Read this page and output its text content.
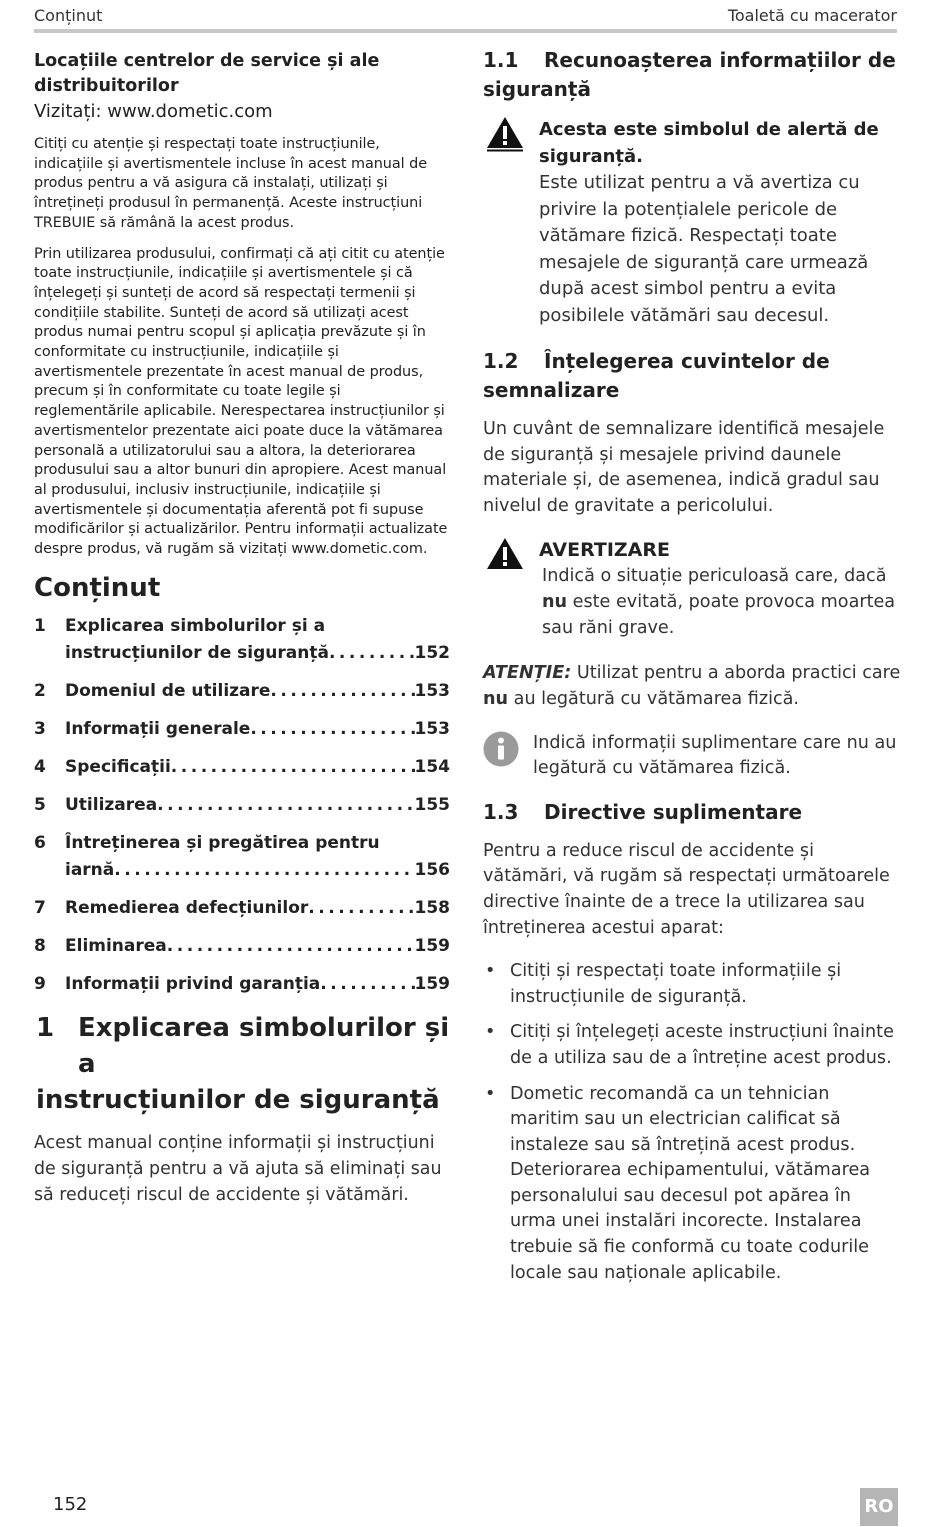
Conținut	Toaletă cu macerator
Locațiile centrelor de service și ale distribuitorilor
Vizitați: www.dometic.com

Citiți cu atenție și respectați toate instrucțiunile, indicațiile și avertismentele incluse în acest manual de produs pentru a vă asigura că instalați, utilizați și întrețineți produsul în permanență. Aceste instrucțiuni TREBUIE să rămână la acest produs.

Prin utilizarea produsului, confirmați că ați citit cu atenție toate instrucțiunile, indicațiile și avertismentele și că înțelegeți și sunteți de acord să respectați termenii și condițiile stabilite. Sunteți de acord să utilizați acest produs numai pentru scopul și aplicația prevăzute și în conformitate cu instrucțiunile, indicațiile și avertismentele prezentate în acest manual de produs, precum și în conformitate cu toate legile și reglementările aplicabile. Nerespectarea instrucțiunilor și avertismentelor prezentate aici poate duce la vătămarea personală a utilizatorului sau a altora, la deteriorarea produsului sau a altor bunuri din apropiere. Acest manual al produsului, inclusiv instrucțiunile, indicațiile și avertismentele și documentația aferentă pot fi supuse modificărilor și actualizărilor. Pentru informații actualizate despre produs, vă rugăm să vizitați www.dometic.com.

Conținut
1 Explicarea simbolurilor și a
instrucțiunilor de siguranță . . .	152
2 Domeniul de utilizare . . .	153
3 Informații generale . . .	153
4 Specificații . . .	154
5 Utilizarea . . .	155
6 Întreținerea și pregătirea pentru
iarnă . . .	156
7 Remedierea defecțiunilor . . .	158
8 Eliminarea . . .	159
9 Informații privind garanția . . .	159
1 Explicarea simbolurilor și a
instrucțiunilor de siguranță

Acest manual conține informații și instrucțiuni de siguranță pentru a vă ajuta să eliminați sau să reduceți riscul de accidente și vătămări.

1.1 Recunoașterea informațiilor de siguranță
Acesta este simbolul de alertă de siguranță.
Este utilizat pentru a vă avertiza cu privire la potențialele pericole de vătămare fizică. Respectați toate mesajele de siguranță care urmează după acest simbol pentru a evita posibilele vătămări sau decesul.
1.2 Înțelegerea cuvintelor de semnalizare

Un cuvânt de semnalizare identifică mesajele de siguranță și mesajele privind daunele materiale și, de asemenea, indică gradul sau nivelul de gravitate a pericolului.

AVERTIZARE
Indică o situație periculoasă care, dacă nu este evitată, poate provoca moartea sau răni grave.

ATENȚIE: Utilizat pentru a aborda practici care nu au legătură cu vătămarea fizică.

Indică informații suplimentare care nu au legătură cu vătămarea fizică.
1.3 Directive suplimentare

Pentru a reduce riscul de accidente și vătămări, vă rugăm să respectați următoarele directive înainte de a trece la utilizarea sau întreținerea acestui aparat:

• Citiți și respectați toate informațiile și instrucțiunile de siguranță.
• Citiți și înțelegeți aceste instrucțiuni înainte de a utiliza sau de a întreține acest produs.
• Dometic recomandă ca un tehnician maritim sau un electrician calificat să instaleze sau să întrețină acest produs. Deteriorarea echipamentului, vătămarea personalului sau decesul pot apărea în urma unei instalări incorecte. Instalarea trebuie să fie conformă cu toate codurile locale sau naționale aplicabile.
152	RO
